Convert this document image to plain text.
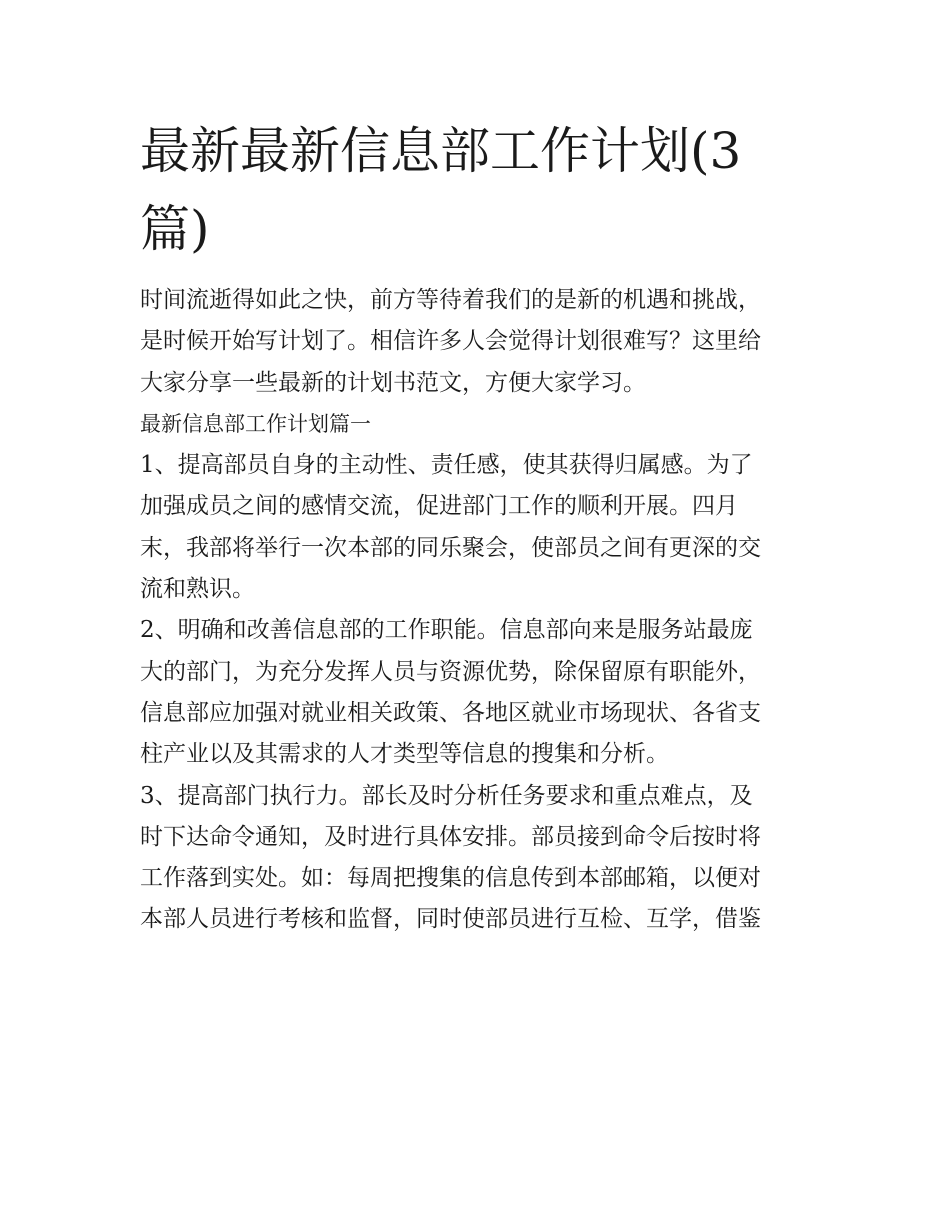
最新最新信息部工作计划(3
篇)

时间流逝得如此之快，前方等待着我们的是新的机遇和挑战，
是时候开始写计划了。相信许多人会觉得计划很难写？这里给
大家分享一些最新的计划书范文，方便大家学习。

最新信息部工作计划篇一

1、提高部员自身的主动性、责任感，使其获得归属感。为了
加强成员之间的感情交流，促进部门工作的顺利开展。四月
末，我部将举行一次本部的同乐聚会，使部员之间有更深的交
流和熟识。

2、明确和改善信息部的工作职能。信息部向来是服务站最庞
大的部门，为充分发挥人员与资源优势，除保留原有职能外，
信息部应加强对就业相关政策、各地区就业市场现状、各省支
柱产业以及其需求的人才类型等信息的搜集和分析。

3、提高部门执行力。部长及时分析任务要求和重点难点，及
时下达命令通知，及时进行具体安排。部员接到命令后按时将
工作落到实处。如：每周把搜集的信息传到本部邮箱，以便对
本部人员进行考核和监督，同时使部员进行互检、互学，借鉴
